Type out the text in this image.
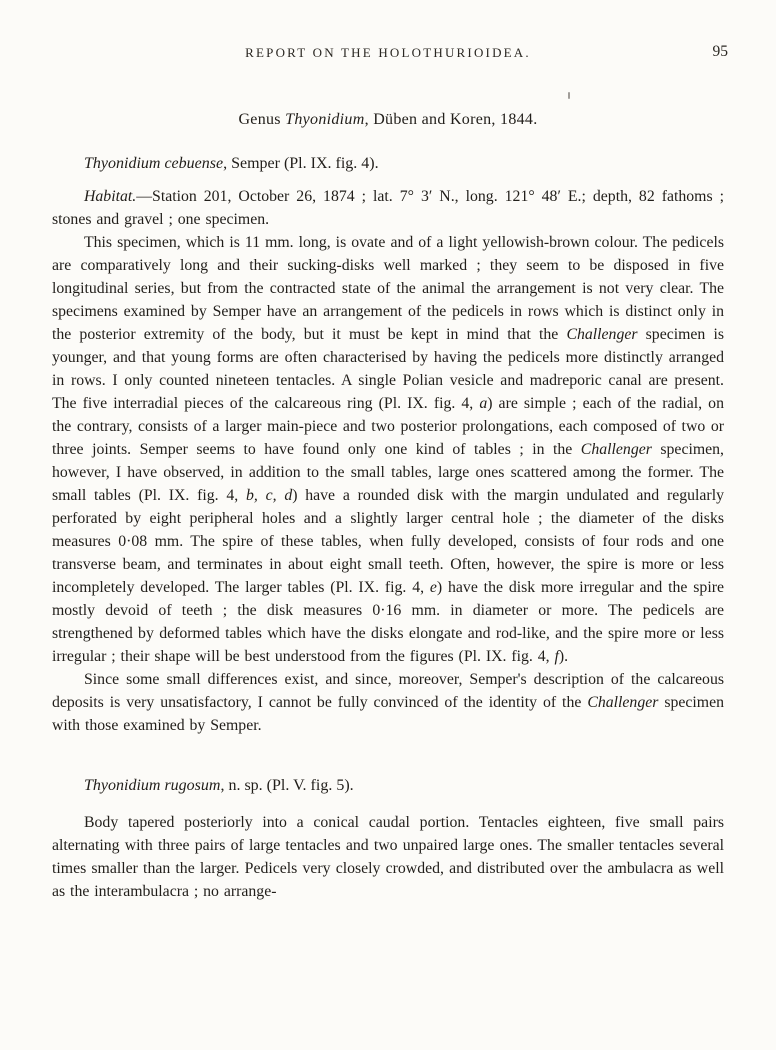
REPORT ON THE HOLOTHURIOIDEA.	95
Genus Thyonidium, Düben and Koren, 1844.

Thyonidium cebuense, Semper (Pl. IX. fig. 4).

Habitat.—Station 201, October 26, 1874 ; lat. 7° 3′ N., long. 121° 48′ E.; depth, 82 fathoms ; stones and gravel ; one specimen.

This specimen, which is 11 mm. long, is ovate and of a light yellowish-brown colour. The pedicels are comparatively long and their sucking-disks well marked ; they seem to be disposed in five longitudinal series, but from the contracted state of the animal the arrangement is not very clear. The specimens examined by Semper have an arrangement of the pedicels in rows which is distinct only in the posterior extremity of the body, but it must be kept in mind that the Challenger specimen is younger, and that young forms are often characterised by having the pedicels more distinctly arranged in rows. I only counted nineteen tentacles. A single Polian vesicle and madreporic canal are present. The five interradial pieces of the calcareous ring (Pl. IX. fig. 4, a) are simple ; each of the radial, on the contrary, consists of a larger main-piece and two posterior prolongations, each composed of two or three joints. Semper seems to have found only one kind of tables ; in the Challenger specimen, however, I have observed, in addition to the small tables, large ones scattered among the former. The small tables (Pl. IX. fig. 4, b, c, d) have a rounded disk with the margin undulated and regularly perforated by eight peripheral holes and a slightly larger central hole ; the diameter of the disks measures 0·08 mm. The spire of these tables, when fully developed, consists of four rods and one transverse beam, and terminates in about eight small teeth. Often, however, the spire is more or less incompletely developed. The larger tables (Pl. IX. fig. 4, e) have the disk more irregular and the spire mostly devoid of teeth ; the disk measures 0·16 mm. in diameter or more. The pedicels are strengthened by deformed tables which have the disks elongate and rod-like, and the spire more or less irregular ; their shape will be best understood from the figures (Pl. IX. fig. 4, f).

Since some small differences exist, and since, moreover, Semper's description of the calcareous deposits is very unsatisfactory, I cannot be fully convinced of the identity of the Challenger specimen with those examined by Semper.

Thyonidium rugosum, n. sp. (Pl. V. fig. 5).

Body tapered posteriorly into a conical caudal portion. Tentacles eighteen, five small pairs alternating with three pairs of large tentacles and two unpaired large ones. The smaller tentacles several times smaller than the larger. Pedicels very closely crowded, and distributed over the ambulacra as well as the interambulacra ; no arrange-
